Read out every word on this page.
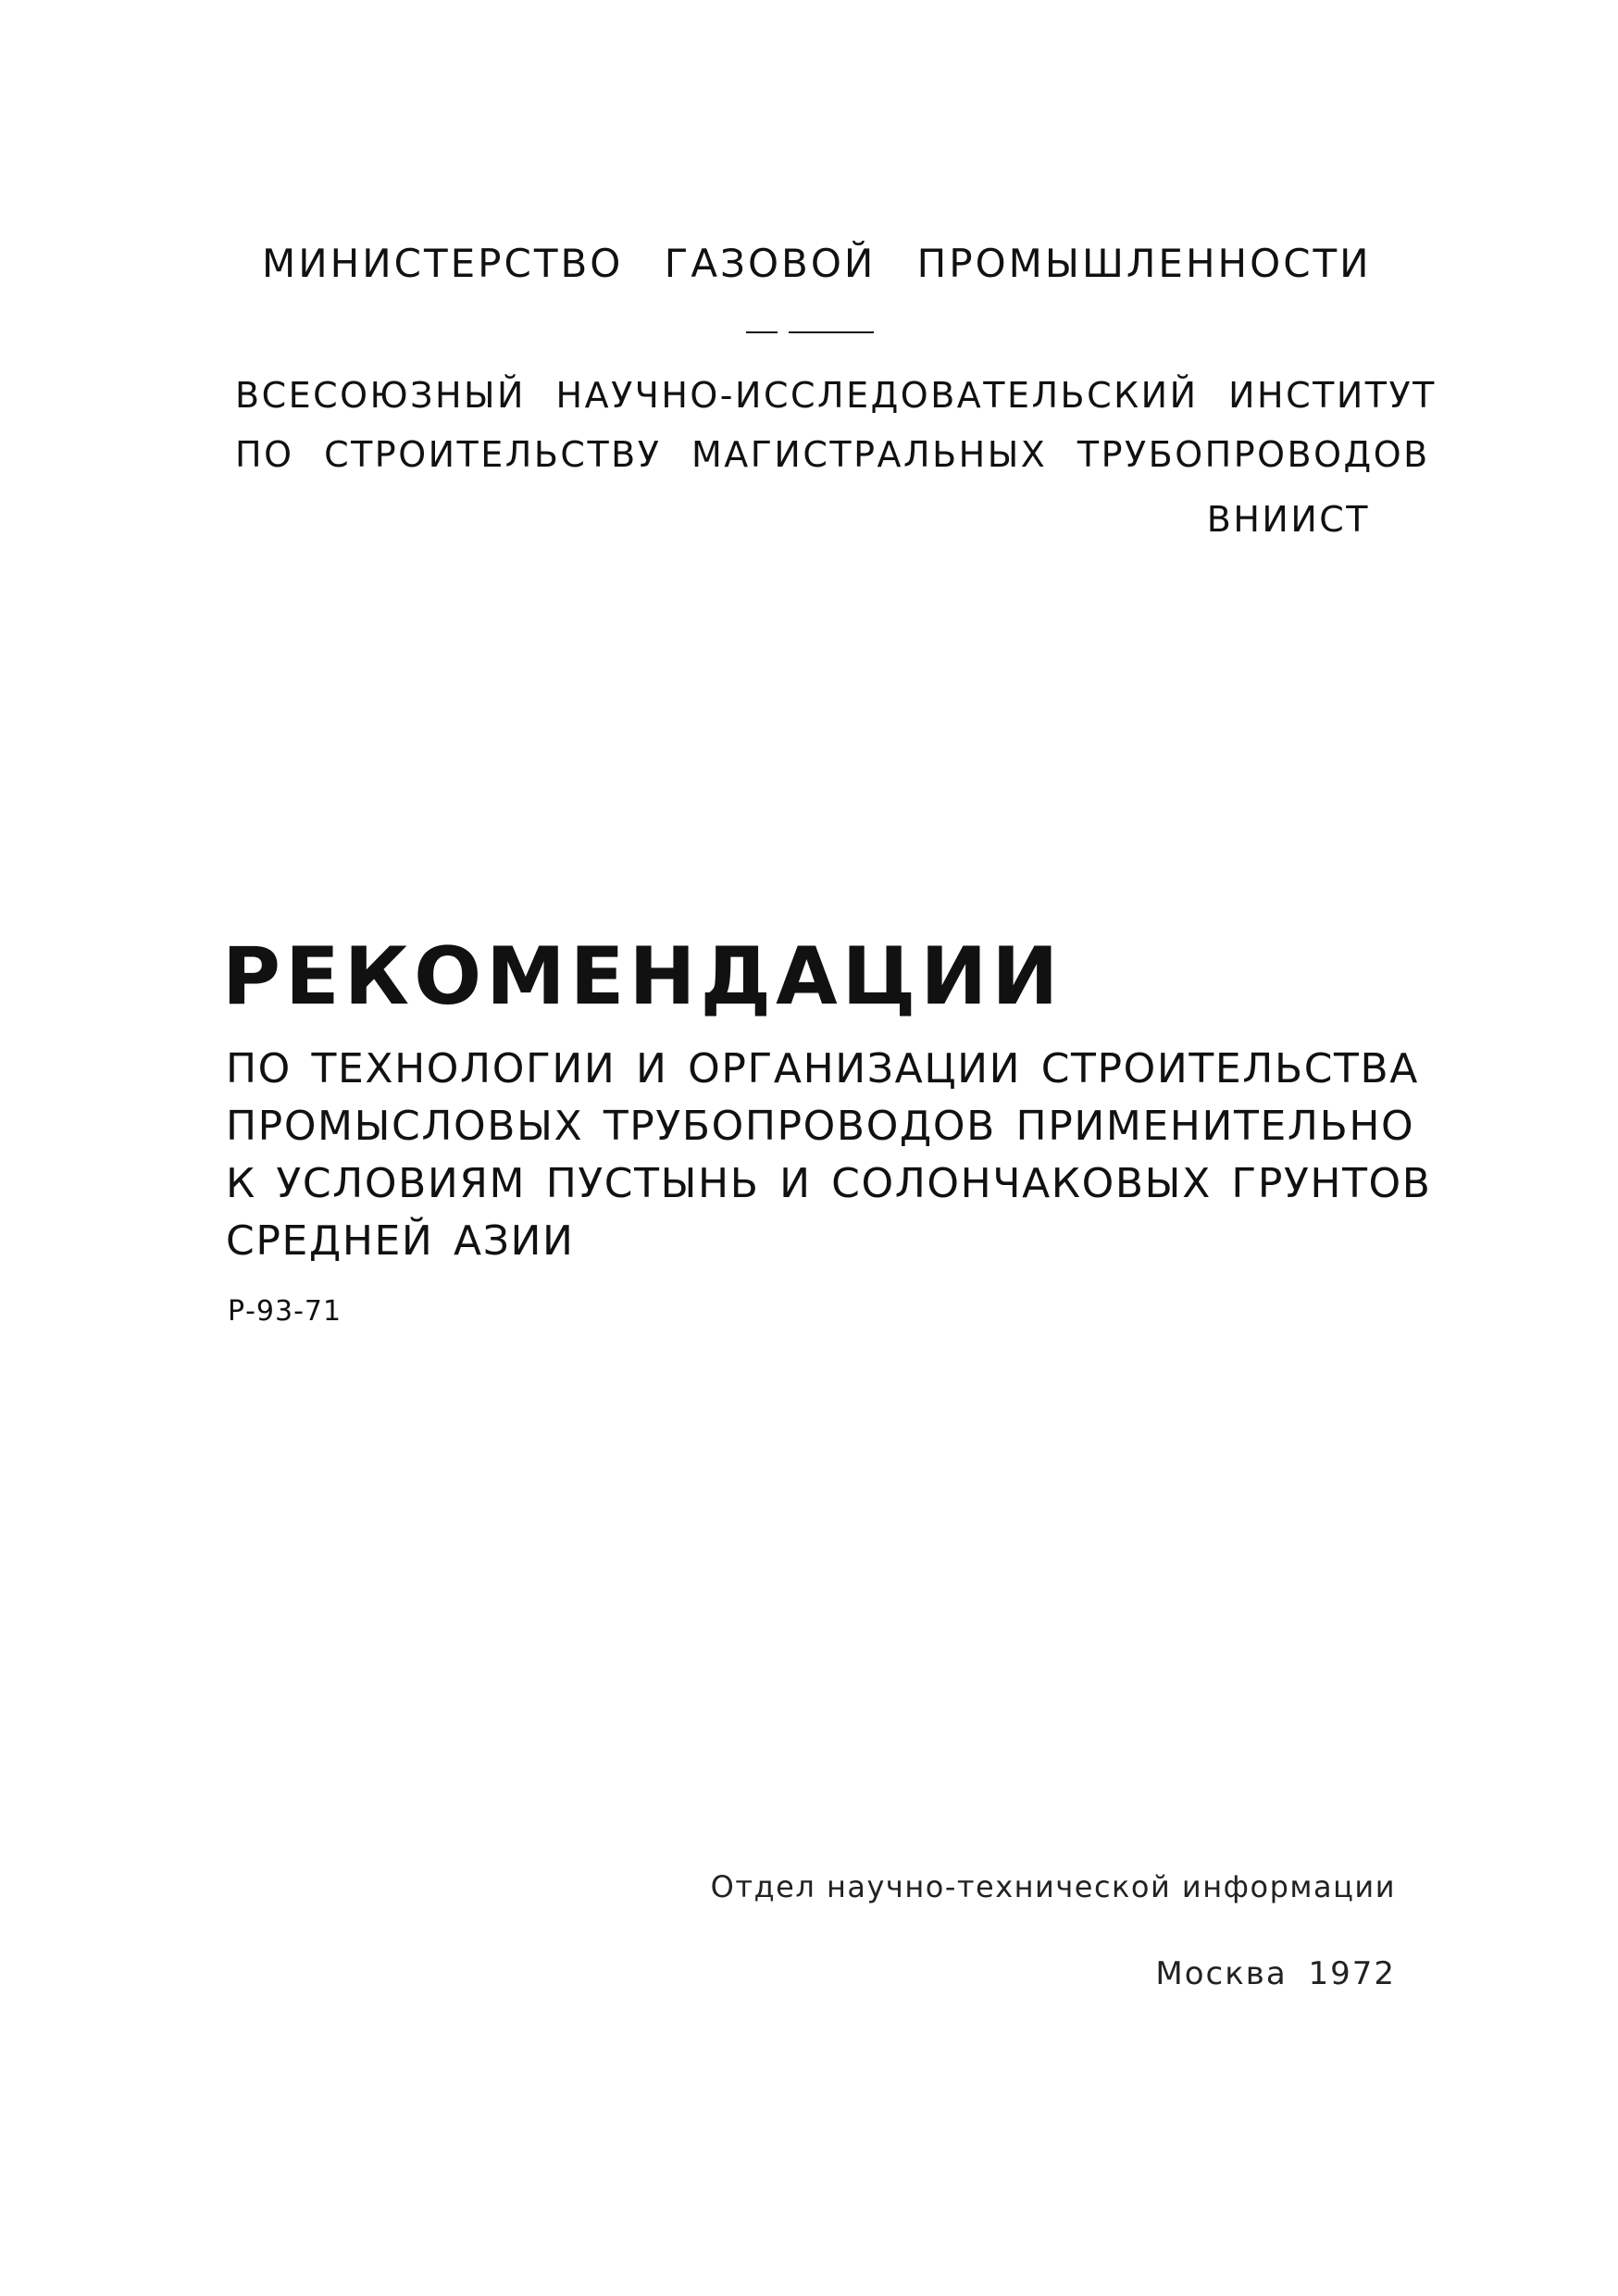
МИНИСТЕРСТВО ГАЗОВОЙ ПРОМЫШЛЕННОСТИ
ВСЕСОЮЗНЫЙ НАУЧНО-ИССЛЕДОВАТЕЛЬСКИЙ ИНСТИТУТ
ПО СТРОИТЕЛЬСТВУ МАГИСТРАЛЬНЫХ ТРУБОПРОВОДОВ
ВНИИСТ
РЕКОМЕНДАЦИИ
ПО ТЕХНОЛОГИИ И ОРГАНИЗАЦИИ СТРОИТЕЛЬСТВА
ПРОМЫСЛОВЫХ ТРУБОПРОВОДОВ ПРИМЕНИТЕЛЬНО
К УСЛОВИЯМ ПУСТЫНЬ И СОЛОНЧАКОВЫХ ГРУНТОВ
СРЕДНЕЙ АЗИИ
Р-93-71
Отдел научно-технической информации
Москва 1972
